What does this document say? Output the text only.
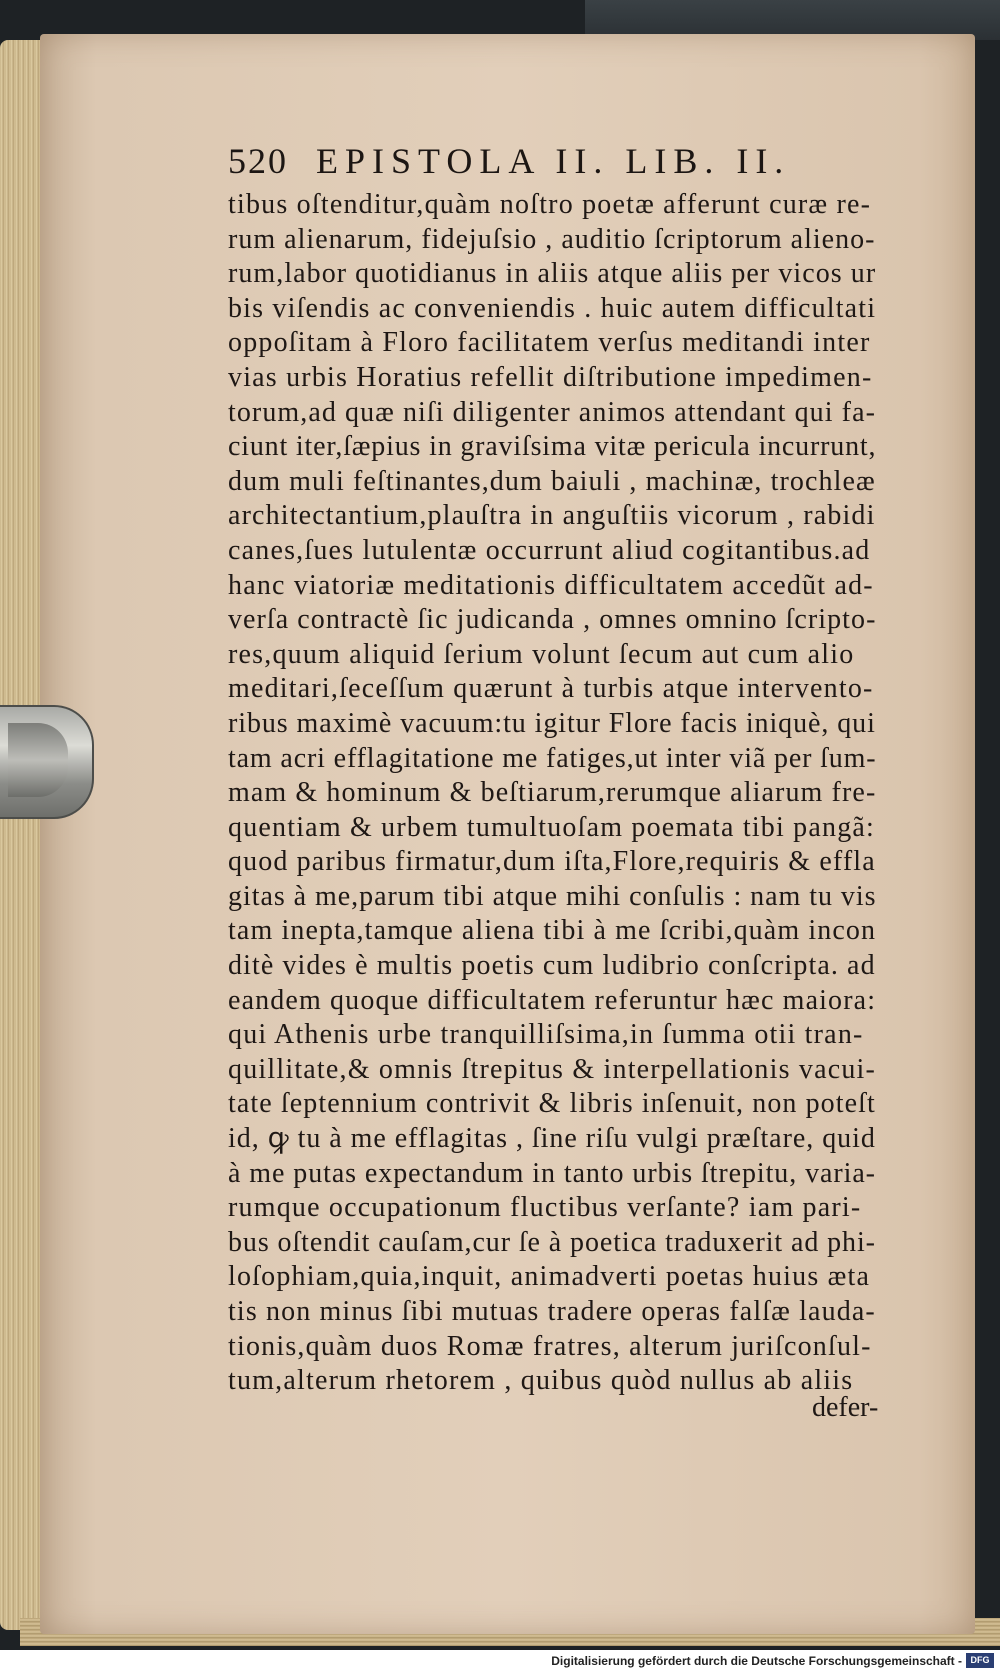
520 EPISTOLA II. LIB. II.
tibus oſtenditur,quàm noſtro poetæ afferunt curæ re-
rum alienarum, fidejuſsio , auditio ſcriptorum alieno-
rum,labor quotidianus in aliis atque aliis per vicos ur
bis viſendis ac conveniendis . huic autem difficultati
oppoſitam à Floro facilitatem verſus meditandi inter
vias urbis Horatius refellit diſtributione impedimen-
torum,ad quæ niſi diligenter animos attendant qui fa-
ciunt iter,ſæpius in graviſsima vitæ pericula incurrunt,
dum muli feſtinantes,dum baiuli , machinæ, trochleæ
architectantium,plauſtra in anguſtiis vicorum , rabidi
canes,ſues lutulentæ occurrunt aliud cogitantibus.ad
hanc viatoriæ meditationis difficultatem accedũt ad-
verſa contractè ſic judicanda , omnes omnino ſcripto-
res,quum aliquid ſerium volunt ſecum aut cum alio
meditari,ſeceſſum quærunt à turbis atque intervento-
ribus maximè vacuum:tu igitur Flore facis iniquè, qui
tam acri efflagitatione me fatiges,ut inter viã per ſum-
mam & hominum & beſtiarum,rerumque aliarum fre-
quentiam & urbem tumultuoſam poemata tibi pangã:
quod paribus firmatur,dum iſta,Flore,requiris & effla
gitas à me,parum tibi atque mihi conſulis : nam tu vis
tam inepta,tamque aliena tibi à me ſcribi,quàm incon
ditè vides è multis poetis cum ludibrio conſcripta. ad
eandem quoque difficultatem referuntur hæc maiora:
qui Athenis urbe tranquilliſsima,in ſumma otii tran-
quillitate,& omnis ſtrepitus & interpellationis vacui-
tate ſeptennium contrivit & libris inſenuit, non poteſt
id, ꝙ tu à me efflagitas , ſine riſu vulgi præſtare, quid
à me putas expectandum in tanto urbis ſtrepitu, varia-
rumque occupationum fluctibus verſante? iam pari-
bus oſtendit cauſam,cur ſe à poetica traduxerit ad phi-
loſophiam,quia,inquit, animadverti poetas huius æta
tis non minus ſibi mutuas tradere operas falſæ lauda-
tionis,quàm duos Romæ fratres, alterum juriſconſul-
tum,alterum rhetorem , quibus quòd nullus ab aliis
defer-
Digitalisierung gefördert durch die Deutsche Forschungsgemeinschaft - DFG
